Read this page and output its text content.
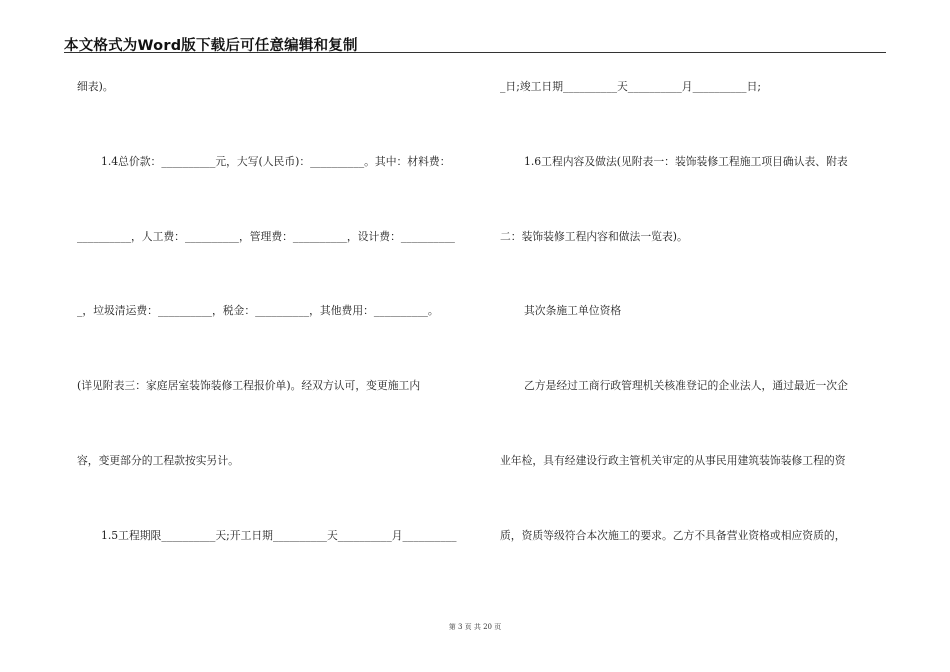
本文格式为Word版下载后可任意编辑和复制
细表)。
1.4总价款：__________元，大写(人民币)：__________。其中：材料费：
__________，人工费：__________，管理费：__________，设计费：__________
_，垃圾清运费：__________，税金：__________，其他费用：__________。
(详见附表三：家庭居室装饰装修工程报价单)。经双方认可，变更施工内
容，变更部分的工程款按实另计。
1.5工程期限__________天;开工日期__________天__________月__________
_日;竣工日期__________天__________月__________日;
1.6工程内容及做法(见附表一：装饰装修工程施工项目确认表、附表
二：装饰装修工程内容和做法一览表)。
其次条施工单位资格
乙方是经过工商行政管理机关核准登记的企业法人，通过最近一次企
业年检，具有经建设行政主管机关审定的从事民用建筑装饰装修工程的资
质，资质等级符合本次施工的要求。乙方不具备营业资格或相应资质的，
第 3 页 共 20 页
